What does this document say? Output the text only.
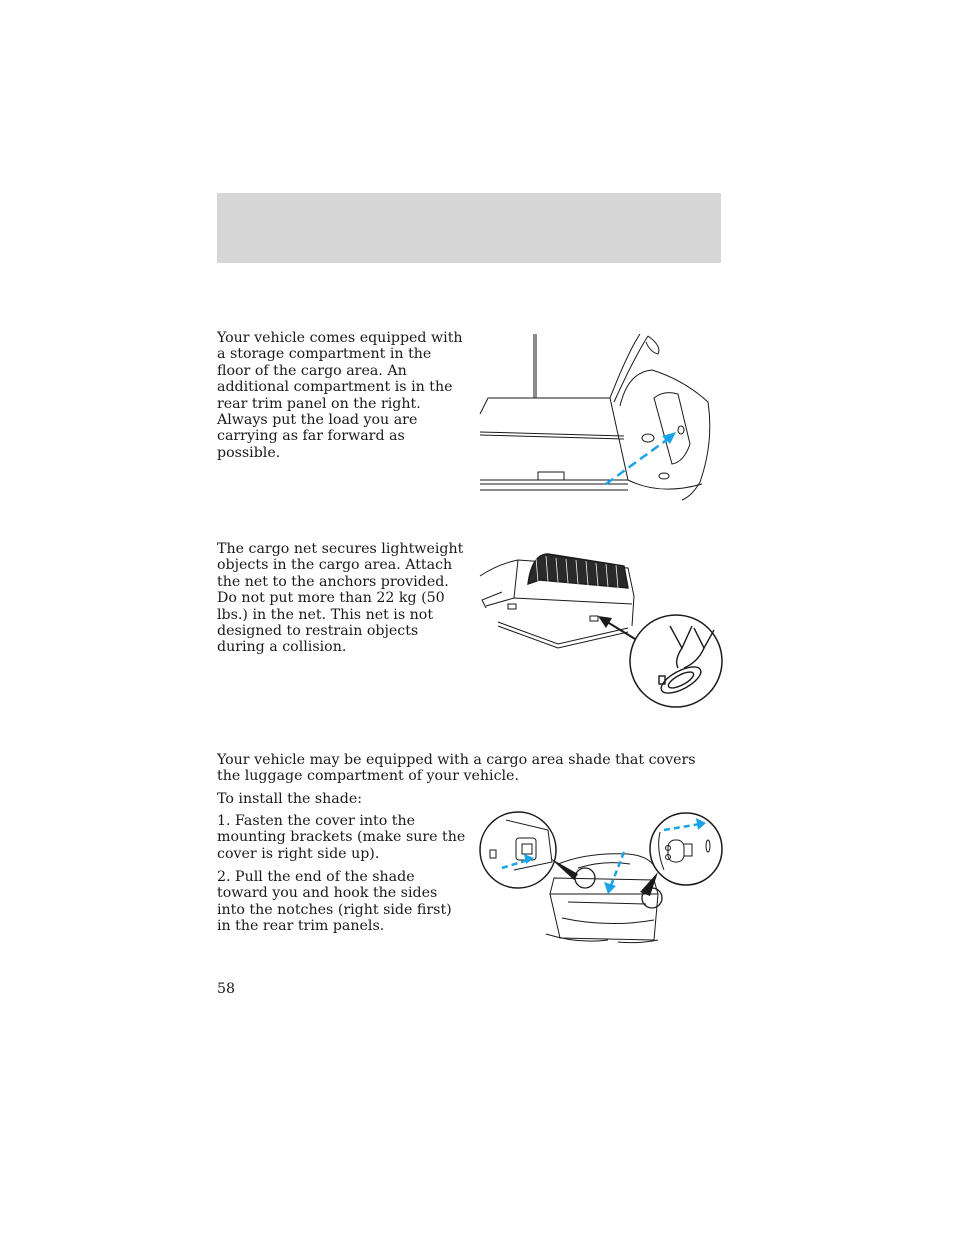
Your vehicle comes equipped with a storage compartment in the floor of the cargo area. An additional compartment is in the rear trim panel on the right. Always put the load you are carrying as far forward as possible.

The cargo net secures lightweight objects in the cargo area. Attach the net to the anchors provided. Do not put more than 22 kg (50 lbs.) in the net. This net is not designed to restrain objects during a collision.

Your vehicle may be equipped with a cargo area shade that covers the luggage compartment of your vehicle.

To install the shade:

1. Fasten the cover into the mounting brackets (make sure the cover is right side up).

2. Pull the end of the shade toward you and hook the sides into the notches (right side first) in the rear trim panels.

58
